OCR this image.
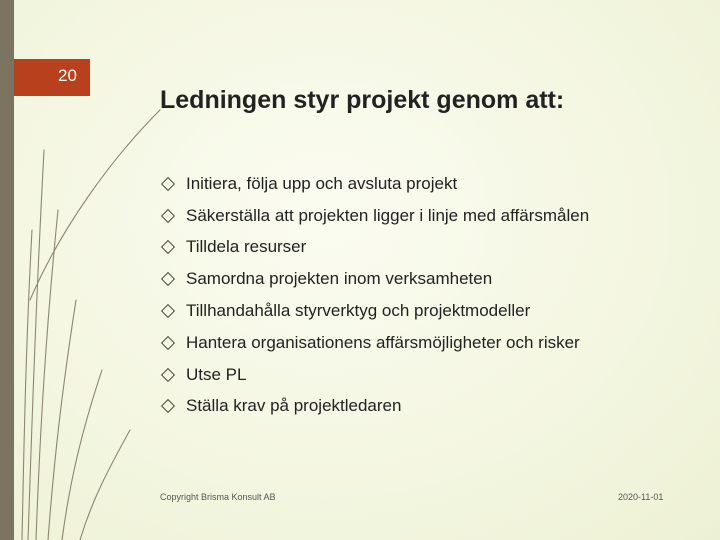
20
Ledningen styr projekt genom att:
Initiera, följa upp och avsluta projekt
Säkerställa att projekten ligger i linje med affärsmålen
Tilldela resurser
Samordna projekten inom verksamheten
Tillhandahålla styrverktyg och projektmodeller
Hantera organisationens affärsmöjligheter och risker
Utse PL
Ställa krav på projektledaren
Copyright Brisma Konsult AB	2020-11-01
